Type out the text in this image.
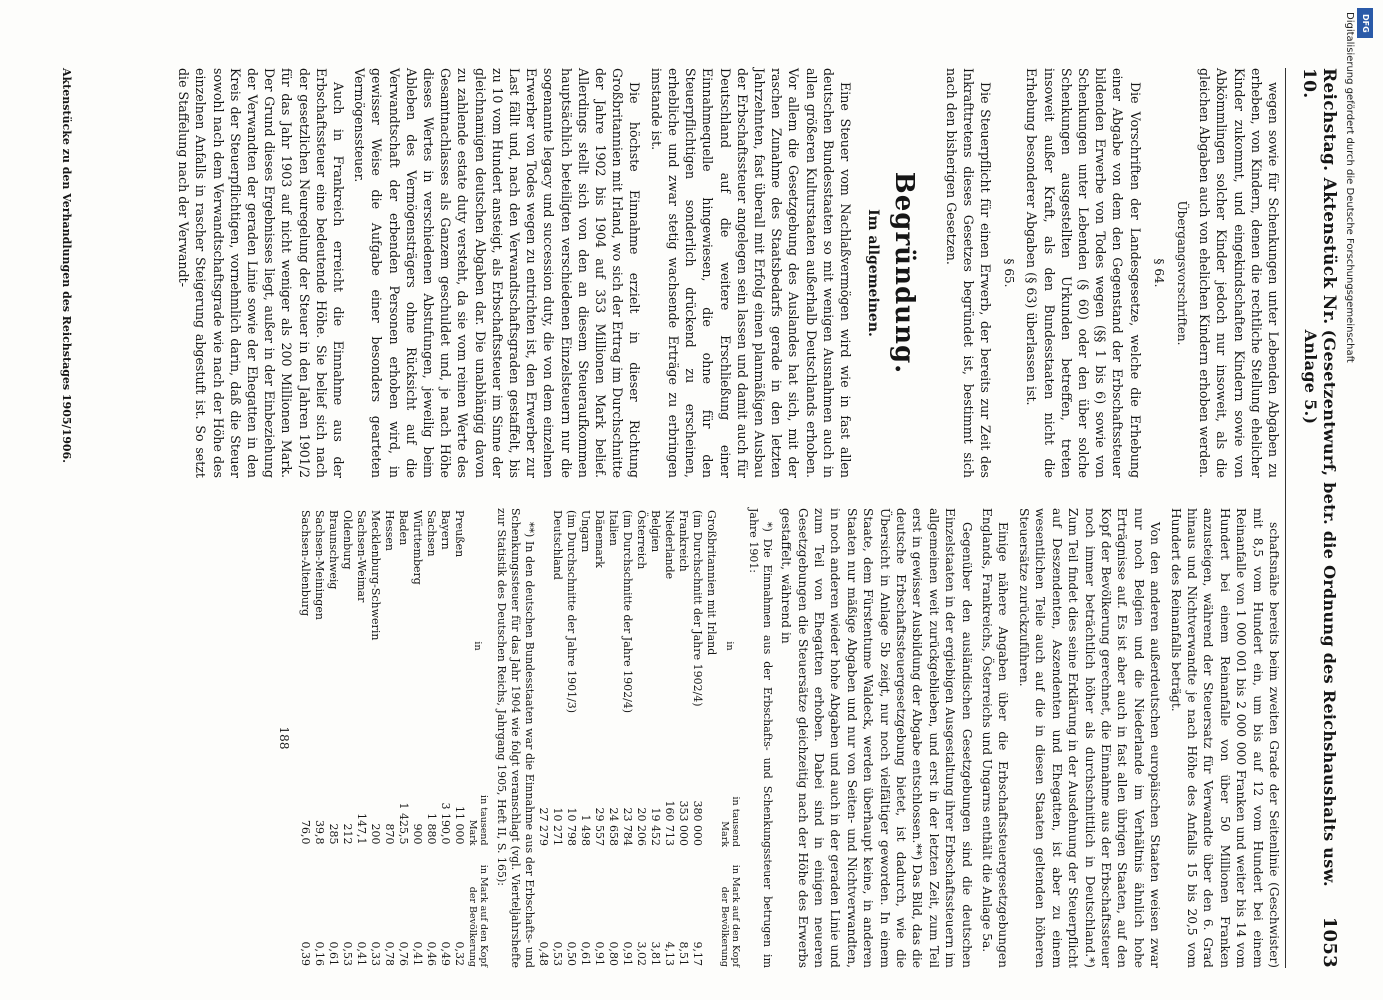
Reichstag. Aktenstück Nr. 10.
(Gesetzentwurf, betr. die Ordnung des Reichshaushalts usw. Anlage 5.)
1053

wegen sowie für Schenkungen unter Lebenden Abgaben zu erheben, von Kindern, denen die rechtliche Stellung ehelicher Kinder zukommt, und eingekindschaften Kindern sowie von Abkömmlingen solcher Kinder jedoch nur insoweit, als die gleichen Abgaben auch von ehelichen Kindern erhoben werden.

Übergangsvorschriften.

§ 64.

Die Vorschriften der Landesgesetze, welche die Erhebung einer Abgabe von dem den Gegenstand der Erbschaftssteuer bildenden Erwerbe von Todes wegen (§§ 1 bis 6) sowie von Schenkungen unter Lebenden (§ 60) oder den über solche Schenkungen ausgestellten Urkunden betreffen, treten insoweit außer Kraft, als den Bundesstaaten nicht die Erhebung besonderer Abgaben (§ 63) überlassen ist.

§ 65.

Die Steuerpflicht für einen Erwerb, der bereits zur Zeit des Inkrafttretens dieses Gesetzes begründet ist, bestimmt sich nach den bisherigen Gesetzen.

Begründung.

Im allgemeinen.

Eine Steuer vom Nachlaßvermögen wird wie in fast allen deutschen Bundesstaaten so mit wenigen Ausnahmen auch in allen größeren Kulturstaaten außerhalb Deutschlands erhoben. Vor allem die Gesetzgebung des Auslandes hat sich, mit der raschen Zunahme des Staatsbedarfs gerade in den letzten Jahrzehnten, fast überall mit Erfolg einen planmäßigen Ausbau der Erbschaftssteuer angelegen sein lassen und damit auch für Deutschland auf die weitere Erschließung einer Einnahmequelle hingewiesen, die ohne für den Steuerpflichtigen sonderlich drückend zu erscheinen, erhebliche und zwar stetig wachsende Erträge zu erbringen imstande ist.

Die höchste Einnahme erzielt in dieser Richtung Großbritannien mit Irland, wo sich der Ertrag im Durchschnitte der Jahre 1902 bis 1904 auf 353 Millionen Mark belief. Allerdings stellt sich von den an diesem Steueraufkommen hauptsächlich beteiligten verschiedenen Einzelsteuern nur die sogenannte legacy und succession duty, die von dem einzelnen Erwerber von Todes wegen zu entrichten ist, den Erwerber zur Last fällt und, nach den Verwandtschaftsgraden gestaffelt, bis zu 10 vom Hundert ansteigt, als Erbschaftssteuer im Sinne der gleichnamigen deutschen Abgaben dar. Die unabhängig davon zu zahlende estate duty versteht, da sie vom reinen Werte des Gesamtnachlasses als Ganzem geschuldet und, je nach Höhe dieses Wertes in verschiedenen Abstufungen, jeweilig beim Ableben des Vermögensträgers ohne Rücksicht auf die Verwandtschaft der erbenden Personen erhoben wird, in gewisser Weise die Aufgabe einer besonders gearteten Vermögenssteuer.

Auch in Frankreich erreicht die Einnahme aus der Erbschaftssteuer eine bedeutende Höhe. Sie belief sich nach der gesetzlichen Neuregelung der Steuer in den Jahren 1901/2 für das Jahr 1903 auf nicht weniger als 200 Millionen Mark. Der Grund dieses Ergebnisses liegt, außer in der Einbeziehung der Verwandten der geraden Linie sowie der Ehegatten in den Kreis der Steuerpflichtigen, vornehmlich darin, daß die Steuer sowohl nach dem Verwandtschaftsgrade wie nach der Höhe des einzelnen Anfalls in rascher Steigerung abgestuft ist. So setzt die Staffelung nach der Verwandt-

Aktenstücke zu den Verhandlungen des Reichstages 1905/1906.

schaftsnähe bereits beim zweiten Grade der Seitenlinie (Geschwister) mit 8,5 vom Hundert ein, um bis auf 12 vom Hundert bei einem Reinanfalle von 1 000 001 bis 2 000 000 Franken und weiter bis 14 vom Hundert bei einem Reinanfalle von über 50 Millionen Franken anzusteigen, während der Steuersatz für Verwandte über den 6. Grad hinaus und Nichtverwandte je nach Höhe des Anfalls 15 bis 20,5 vom Hundert des Reinanfalls beträgt.

Von den anderen außerdeutschen europäischen Staaten weisen zwar nur noch Belgien und die Niederlande im Verhältnis ähnlich hohe Erträgnisse auf. Es ist aber auch in fast allen übrigen Staaten, auf den Kopf der Bevölkerung gerechnet, die Einnahme aus der Erbschaftssteuer noch immer beträchtlich höher als durchschnittlich in Deutschland.*) Zum Teil findet dies seine Erklärung in der Ausdehnung der Steuerpflicht auf Deszendenten, Aszendenten und Ehegatten, ist aber zu einem wesentlichen Teile auch auf die in diesen Staaten geltenden höheren Steuersätze zurückzuführen.

Einige nähere Angaben über die Erbschaftssteuergesetzgebungen Englands, Frankreichs, Österreichs und Ungarns enthält die Anlage 5a.

Gegenüber den ausländischen Gesetzgebungen sind die deutschen Einzelstaaten in der ergiebigen Ausgestaltung ihrer Erbschaftssteuern im allgemeinen weit zurückgeblieben, und erst in der letzten Zeit, zum Teil erst in gewisser Ausbildung der Abgabe entschlossen.**) Das Bild, das die deutsche Erbschaftssteuergesetzgebung bietet, ist dadurch, wie die Übersicht in Anlage 5b zeigt, nur noch vielfältiger geworden. In einem Staate, dem Fürstentume Waldeck, werden überhaupt keine, in anderen Staaten nur mäßige Abgaben und nur von Seiten- und Nichtverwandten, in noch anderen wieder hohe Abgaben und auch in der geraden Linie und zum Teil von Ehegatten erhoben. Dabei sind in einigen neueren Gesetzgebungen die Steuersätze gleichzeitig nach der Höhe des Erwerbs gestaffelt, während in

*) Die Einnahmen aus der Erbschafts- und Schenkungssteuer betrugen im Jahre 1901:

in	in tausend Mark	in Mark auf den Kopf der Bevölkerung
Großbritannien mit Irland		
(im Durchschnitt der Jahre 1902/4)	380 000	9,17
Frankreich	353 000	8,51
Niederlande	160 713	4,13
Belgien	19 452	3,81
Österreich	20 206	3,02
(im Durchschnitte der Jahre 1902/4)	23 784	0,91
Italien	24 658	0,80
Dänemark	29 557	0,91
Ungarn	1 498	0,61
(im Durchschnitte der Jahre 1901/3)	10 798	0,50
Deutschland	10 271	0,53
	27 279	0,48

**) In den deutschen Bundesstaaten war die Einnahme aus der Erbschafts- und Schenkungssteuer für das Jahr 1904 wie folgt veranschlagt (vgl. Vierteljahrshefte zur Statistik des Deutschen Reichs, Jahrgang 1905, Heft II, S. 165):

in	in tausend Mark	in Mark auf den Kopf der Bevölkerung
Preußen	11 000	0,32
Bayern	3 190,0	0,49
Sachsen	1 880	0,46
Württemberg	900	0,41
Baden	1 425,5	0,76
Hessen	870	0,78
Mecklenburg-Schwerin	200	0,33
Sachsen-Weimar	147,1	0,41
Oldenburg	212	0,53
Braunschweig	285	0,61
Sachsen-Meiningen	39,8	0,16
Sachsen-Altenburg	76,0	0,39

188

DFG
Digitalisierung gefördert durch die Deutsche Forschungsgemeinschaft
